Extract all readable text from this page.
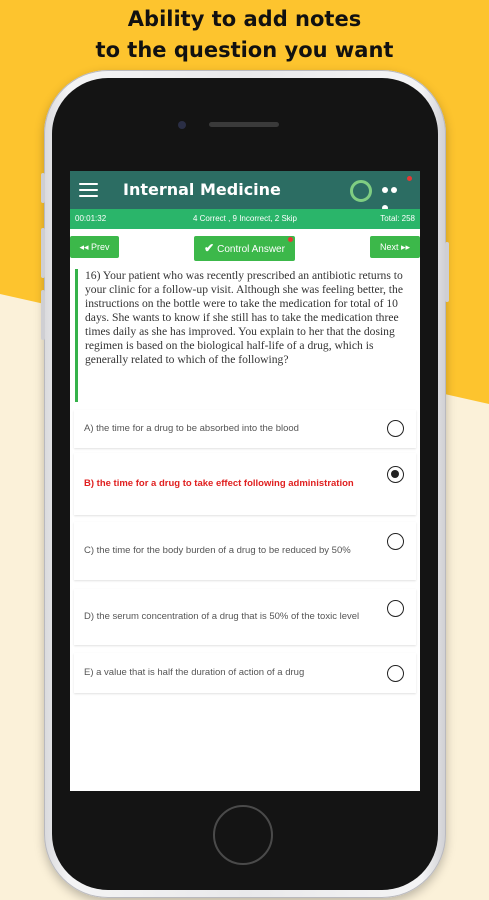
Ability to add notes
to the question you want
Internal Medicine
00:01:32	4 Correct , 9 Incorrect, 2 Skip	Total: 258
◂◂ Prev	✔ Control Answer	Next ▸▸
16) Your patient who was recently prescribed an antibiotic returns to your clinic for a follow-up visit. Although she was feeling better, the instructions on the bottle were to take the medication for total of 10 days. She wants to know if she still has to take the medication three times daily as she has improved. You explain to her that the dosing regimen is based on the biological half-life of a drug, which is generally related to which of the following?
A) the time for a drug to be absorbed into the blood
B) the time for a drug to take effect following administration
C) the time for the body burden of a drug to be reduced by 50%
D) the serum concentration of a drug that is 50% of the toxic level
E) a value that is half the duration of action of a drug
